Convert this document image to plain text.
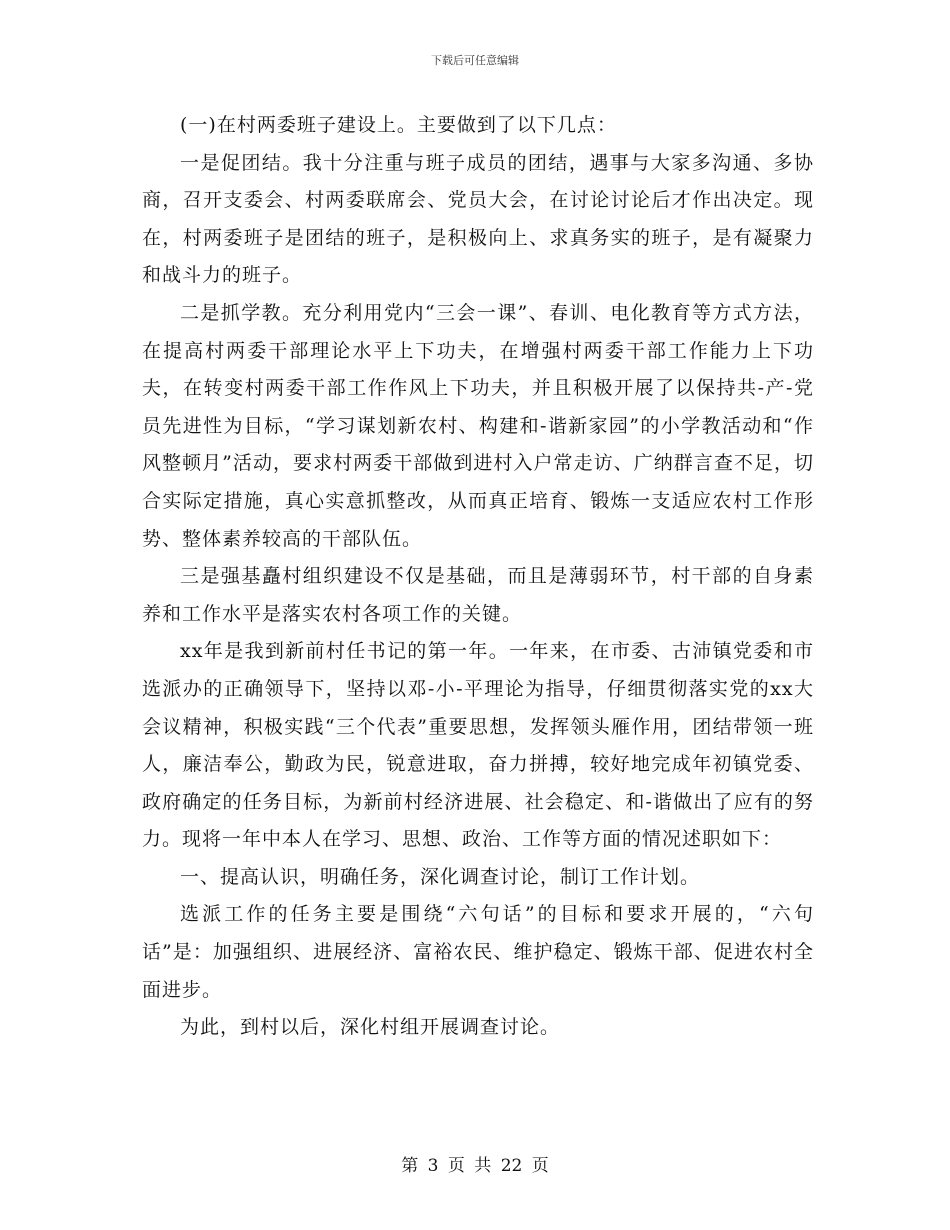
下载后可任意编辑

(一)在村两委班子建设上。主要做到了以下几点：

一是促团结。我十分注重与班子成员的团结，遇事与大家多沟通、多协商，召开支委会、村两委联席会、党员大会，在讨论讨论后才作出决定。现在，村两委班子是团结的班子，是积极向上、求真务实的班子，是有凝聚力和战斗力的班子。

二是抓学教。充分利用党内“三会一课”、春训、电化教育等方式方法，在提高村两委干部理论水平上下功夫，在增强村两委干部工作能力上下功夫，在转变村两委干部工作作风上下功夫，并且积极开展了以保持共-产-党员先进性为目标，“学习谋划新农村、构建和-谐新家园”的小学教活动和“作风整顿月”活动，要求村两委干部做到进村入户常走访、广纳群言查不足，切合实际定措施，真心实意抓整改，从而真正培育、锻炼一支适应农村工作形势、整体素养较高的干部队伍。

三是强基矗村组织建设不仅是基础，而且是薄弱环节，村干部的自身素养和工作水平是落实农村各项工作的关键。

xx年是我到新前村任书记的第一年。一年来，在市委、古沛镇党委和市选派办的正确领导下，坚持以邓-小-平理论为指导，仔细贯彻落实党的xx大会议精神，积极实践“三个代表”重要思想，发挥领头雁作用，团结带领一班人，廉洁奉公，勤政为民，锐意进取，奋力拼搏，较好地完成年初镇党委、政府确定的任务目标，为新前村经济进展、社会稳定、和-谐做出了应有的努力。现将一年中本人在学习、思想、政治、工作等方面的情况述职如下：

一、提高认识，明确任务，深化调查讨论，制订工作计划。

选派工作的任务主要是围绕“六句话”的目标和要求开展的，“六句话”是：加强组织、进展经济、富裕农民、维护稳定、锻炼干部、促进农村全面进步。

为此，到村以后，深化村组开展调查讨论。

第 3 页 共 22 页
